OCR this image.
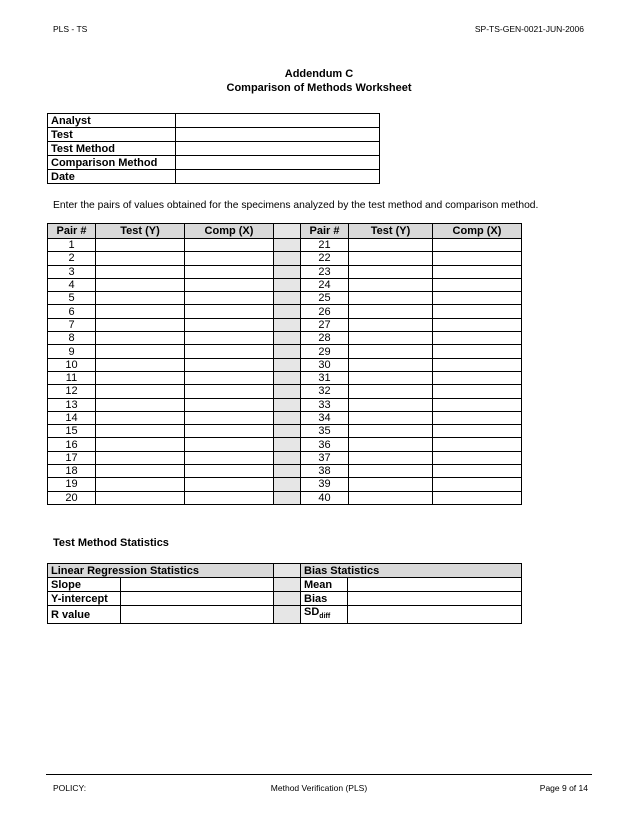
PLS - TS	SP-TS-GEN-0021-JUN-2006
Addendum C
Comparison of Methods Worksheet
Analyst	
Test	
Test Method	
Comparison Method	
Date	
Enter the pairs of values obtained for the specimens analyzed by the test method and comparison method.
Pair #	Test (Y)	Comp (X)		Pair #	Test (Y)	Comp (X)
1				21		
2				22		
3				23		
4				24		
5				25		
6				26		
7				27		
8				28		
9				29		
10				30		
11				31		
12				32		
13				33		
14				34		
15				35		
16				36		
17				37		
18				38		
19				39		
20				40		
Test Method Statistics
Linear Regression Statistics			Bias Statistics	
Slope			Mean	
Y-intercept			Bias	
R value			$SD_{diff}$	
POLICY:	Method Verification (PLS)	Page 9 of 14
